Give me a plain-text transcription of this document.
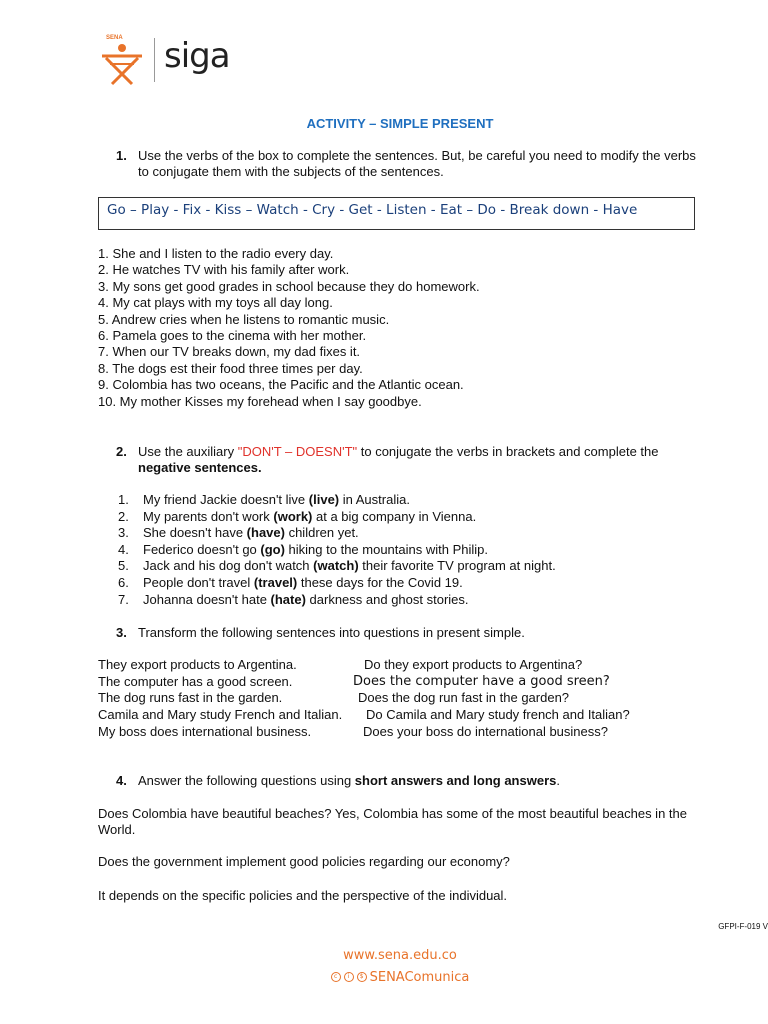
SENA siga
ACTIVITY – SIMPLE PRESENT
1. Use the verbs of the box to complete the sentences. But, be careful you need to modify the verbs to conjugate them with the subjects of the sentences.
Go – Play - Fix - Kiss – Watch - Cry - Get - Listen - Eat – Do - Break down - Have
1. She and I listen to the radio every day.
2. He watches TV with his family after work.
3. My sons get good grades in school because they do homework.
4. My cat plays with my toys all day long.
5. Andrew cries when he listens to romantic music.
6. Pamela goes to the cinema with her mother.
7. When our TV breaks down, my dad fixes it.
8. The dogs est their food three times per day.
9. Colombia has two oceans, the Pacific and the Atlantic ocean.
10. My mother Kisses my forehead when I say goodbye.
2. Use the auxiliary "DON'T – DOESN'T" to conjugate the verbs in brackets and complete the
negative sentences.
1. My friend Jackie doesn't live (live) in Australia.
2. My parents don't work (work) at a big company in Vienna.
3. She doesn't have (have) children yet.
4. Federico doesn't go (go) hiking to the mountains with Philip.
5. Jack and his dog don't watch (watch) their favorite TV program at night.
6. People don't travel (travel) these days for the Covid 19.
7. Johanna doesn't hate (hate) darkness and ghost stories.
3. Transform the following sentences into questions in present simple.
They export products to Argentina.	Do they export products to Argentina?
The computer has a good screen.	Does the computer have a good sreen?
The dog runs fast in the garden.	Does the dog run fast in the garden?
Camila and Mary study French and Italian. Do Camila and Mary study french and Italian?
My boss does international business.	Does your boss do international business?
4. Answer the following questions using short answers and long answers.
Does Colombia have beautiful beaches? Yes, Colombia has some of the most beautiful beaches in the World.
Does the government implement good policies regarding our economy?
It depends on the specific policies and the perspective of the individual.
GFPI-F-019 V
www.sena.edu.co
c	i	$ SENAComunica
